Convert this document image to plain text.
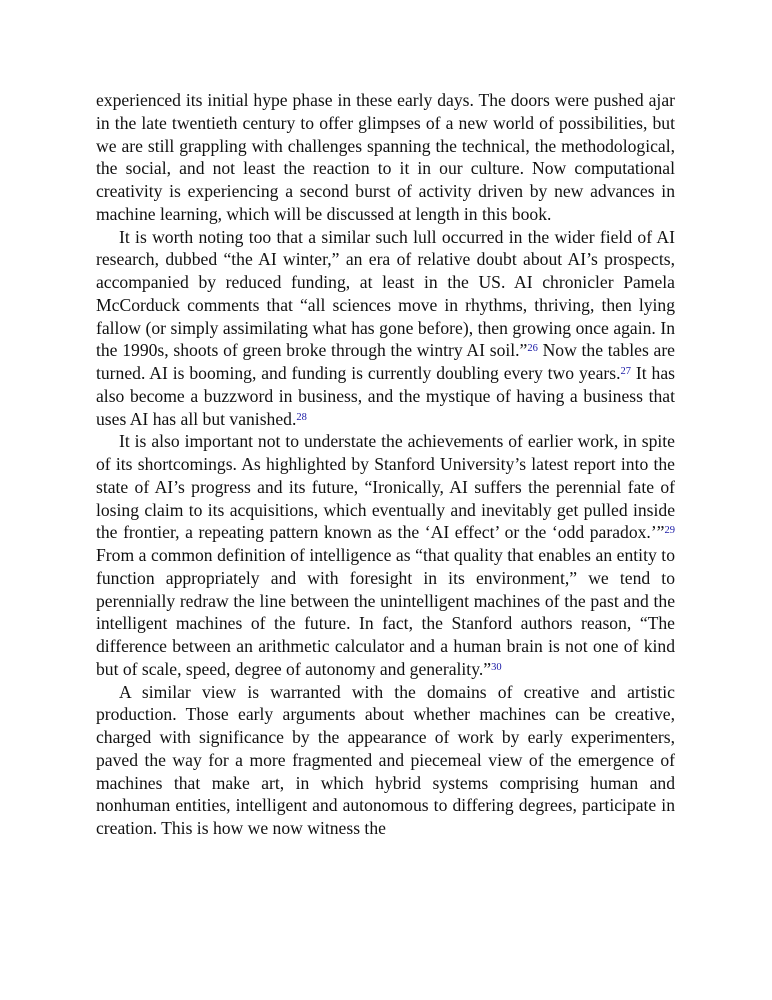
experienced its initial hype phase in these early days. The doors were pushed ajar in the late twentieth century to offer glimpses of a new world of possibilities, but we are still grappling with challenges spanning the technical, the methodological, the social, and not least the reaction to it in our culture. Now computational creativity is experiencing a second burst of activity driven by new advances in machine learning, which will be discussed at length in this book.

It is worth noting too that a similar such lull occurred in the wider field of AI research, dubbed “the AI winter,” an era of relative doubt about AI’s prospects, accompanied by reduced funding, at least in the US. AI chronicler Pamela McCorduck comments that “all sciences move in rhythms, thriving, then lying fallow (or simply assimilating what has gone before), then growing once again. In the 1990s, shoots of green broke through the wintry AI soil.”$^{26}$ Now the tables are turned. AI is booming, and funding is currently doubling every two years.$^{27}$ It has also become a buzzword in business, and the mystique of having a business that uses AI has all but vanished.$^{28}$

It is also important not to understate the achievements of earlier work, in spite of its shortcomings. As highlighted by Stanford University’s latest report into the state of AI’s progress and its future, “Ironically, AI suffers the perennial fate of losing claim to its acquisitions, which eventually and inevitably get pulled inside the frontier, a repeating pattern known as the ‘AI effect’ or the ‘odd paradox.’”$^{29}$ From a common definition of intelligence as “that quality that enables an entity to function appropriately and with foresight in its environment,” we tend to perennially redraw the line between the unintelligent machines of the past and the intelligent machines of the future. In fact, the Stanford authors reason, “The difference between an arithmetic calculator and a human brain is not one of kind but of scale, speed, degree of autonomy and generality.”$^{30}$

A similar view is warranted with the domains of creative and artistic production. Those early arguments about whether machines can be creative, charged with significance by the appearance of work by early experimenters, paved the way for a more fragmented and piecemeal view of the emergence of machines that make art, in which hybrid systems comprising human and nonhuman entities, intelligent and autonomous to differing degrees, participate in creation. This is how we now witness the
